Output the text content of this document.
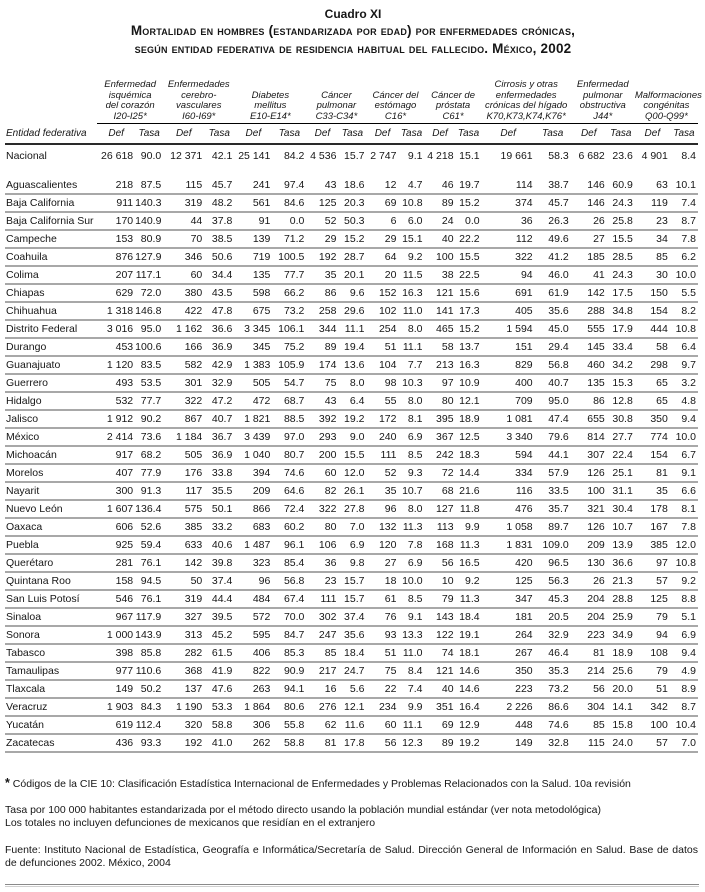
Cuadro XI
Mortalidad en hombres (estandarizada por edad) por enfermedades crónicas,
según entidad federativa de residencia habitual del fallecido. México, 2002

Enfermedad
isquémica
del corazón
I20-I25*

Enfermedades
cerebro-
vasculares
I60-I69*

Diabetes
mellitus
E10-E14*

Cáncer
pulmonar
C33-C34*

Cáncer del
estómago
C16*

Cáncer de
próstata
C61*

Cirrosis y otras
enfermedades
crónicas del hígado
K70,K73,K74,K76*

Enfermedad
pulmonar
obstructiva
J44*

Malformaciones
congénitas
Q00-Q99*

Entidad federativa	Def	Tasa	Def	Tasa	Def	Tasa	Def	Tasa	Def	Tasa	Def	Tasa	Def	Tasa	Def	Tasa	Def	Tasa
Nacional	26 618	90.0	12 371	42.1	25 141	84.2	4 536	15.7	2 747	9.1	4 218	15.1	19 661	58.3	6 682	23.6	4 901	8.4

Aguascalientes	218	87.5	115	45.7	241	97.4	43	18.6	12	4.7	46	19.7	114	38.7	146	60.9	63	10.1
Baja California	911	140.3	319	48.2	561	84.6	125	20.3	69	10.8	89	15.2	374	45.7	146	24.3	119	7.4
Baja California Sur	170	140.9	44	37.8	91	0.0	52	50.3	6	6.0	24	0.0	36	26.3	26	25.8	23	8.7
Campeche	153	80.9	70	38.5	139	71.2	29	15.2	29	15.1	40	22.2	112	49.6	27	15.5	34	7.8
Coahuila	876	127.9	346	50.6	719	100.5	192	28.7	64	9.2	100	15.5	322	41.2	185	28.5	85	6.2
Colima	207	117.1	60	34.4	135	77.7	35	20.1	20	11.5	38	22.5	94	46.0	41	24.3	30	10.0
Chiapas	629	72.0	380	43.5	598	66.2	86	9.6	152	16.3	121	15.6	691	61.9	142	17.5	150	5.5
Chihuahua	1 318	146.8	422	47.8	675	73.2	258	29.6	102	11.0	141	17.3	405	35.6	288	34.8	154	8.2
Distrito Federal	3 016	95.0	1 162	36.6	3 345	106.1	344	11.1	254	8.0	465	15.2	1 594	45.0	555	17.9	444	10.8
Durango	453	100.6	166	36.9	345	75.2	89	19.4	51	11.1	58	13.7	151	29.4	145	33.4	58	6.4
Guanajuato	1 120	83.5	582	42.9	1 383	105.9	174	13.6	104	7.7	213	16.3	829	56.8	460	34.2	298	9.7
Guerrero	493	53.5	301	32.9	505	54.7	75	8.0	98	10.3	97	10.9	400	40.7	135	15.3	65	3.2
Hidalgo	532	77.7	322	47.2	472	68.7	43	6.4	55	8.0	80	12.1	709	95.0	86	12.8	65	4.8
Jalisco	1 912	90.2	867	40.7	1 821	88.5	392	19.2	172	8.1	395	18.9	1 081	47.4	655	30.8	350	9.4
México	2 414	73.6	1 184	36.7	3 439	97.0	293	9.0	240	6.9	367	12.5	3 340	79.6	814	27.7	774	10.0
Michoacán	917	68.2	505	36.9	1 040	80.7	200	15.5	111	8.5	242	18.3	594	44.1	307	22.4	154	6.7
Morelos	407	77.9	176	33.8	394	74.6	60	12.0	52	9.3	72	14.4	334	57.9	126	25.1	81	9.1
Nayarit	300	91.3	117	35.5	209	64.6	82	26.1	35	10.7	68	21.6	116	33.5	100	31.1	35	6.6
Nuevo León	1 607	136.4	575	50.1	866	72.4	322	27.8	96	8.0	127	11.8	476	35.7	321	30.4	178	8.1
Oaxaca	606	52.6	385	33.2	683	60.2	80	7.0	132	11.3	113	9.9	1 058	89.7	126	10.7	167	7.8
Puebla	925	59.4	633	40.6	1 487	96.1	106	6.9	120	7.8	168	11.3	1 831	109.0	209	13.9	385	12.0
Querétaro	281	76.1	142	39.8	323	85.4	36	9.8	27	6.9	56	16.5	420	96.5	130	36.6	97	10.8
Quintana Roo	158	94.5	50	37.4	96	56.8	23	15.7	18	10.0	10	9.2	125	56.3	26	21.3	57	9.2
San Luis Potosí	546	76.1	319	44.4	484	67.4	111	15.7	61	8.5	79	11.3	347	45.3	204	28.8	125	8.8
Sinaloa	967	117.9	327	39.5	572	70.0	302	37.4	76	9.1	143	18.4	181	20.5	204	25.9	79	5.1
Sonora	1 000	143.9	313	45.2	595	84.7	247	35.6	93	13.3	122	19.1	264	32.9	223	34.9	94	6.9
Tabasco	398	85.8	282	61.5	406	85.3	85	18.4	51	11.0	74	18.1	267	46.4	81	18.9	108	9.4
Tamaulipas	977	110.6	368	41.9	822	90.9	217	24.7	75	8.4	121	14.6	350	35.3	214	25.6	79	4.9
Tlaxcala	149	50.2	137	47.6	263	94.1	16	5.6	22	7.4	40	14.6	223	73.2	56	20.0	51	8.9
Veracruz	1 903	84.3	1 190	53.3	1 864	80.6	276	12.1	234	9.9	351	16.4	2 226	86.6	304	14.1	342	8.7
Yucatán	619	112.4	320	58.8	306	55.8	62	11.6	60	11.1	69	12.9	448	74.6	85	15.8	100	10.4
Zacatecas	436	93.3	192	41.0	262	58.8	81	17.8	56	12.3	89	19.2	149	32.8	115	24.0	57	7.0
* Códigos de la CIE 10: Clasificación Estadística Internacional de Enfermedades y Problemas Relacionados con la Salud. 10a revisión
Tasa por 100 000 habitantes estandarizada por el método directo usando la población mundial estándar (ver nota metodológica)
Los totales no incluyen defunciones de mexicanos que residían en el extranjero
Fuente: Instituto Nacional de Estadística, Geografía e Informática/Secretaría de Salud. Dirección General de Información en Salud. Base de datos de defunciones 2002. México, 2004
